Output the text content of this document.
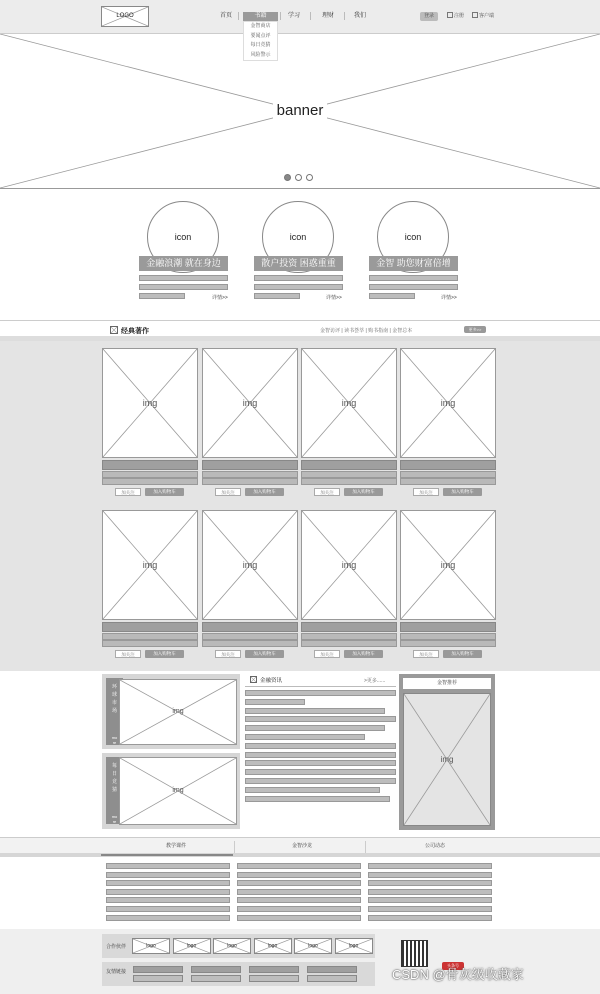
LOGO	首页	书籍	学习	理财	我们
金智商店
要闻点评
每日竞猜
风险警示
登录	注册	客户端
banner
icon
金融浪潮 就在身边
详情>>
icon
散户投资 困惑重重
详情>>
icon
金智 助您财富倍增
详情>>
经典著作	金智访评 | 读书荟萃 | 购书指南 | 金智总本	更多>>
img
加关注	加入购物车
img
加关注	加入购物车
img
加关注	加入购物车
img
加关注	加入购物车
img
加关注	加入购物车
img
加关注	加入购物车
img
加关注	加入购物车
img
加关注	加入购物车
环球市场
more
img
每日竞猜
more
img
金融资讯	>更多......	金智推荐
img
教学课件	金智沙龙	公司动态
合作伙伴	logo	logo	logo	logo	logo	logo
友情链接
头条号
CSDN @骨灰级收藏家
